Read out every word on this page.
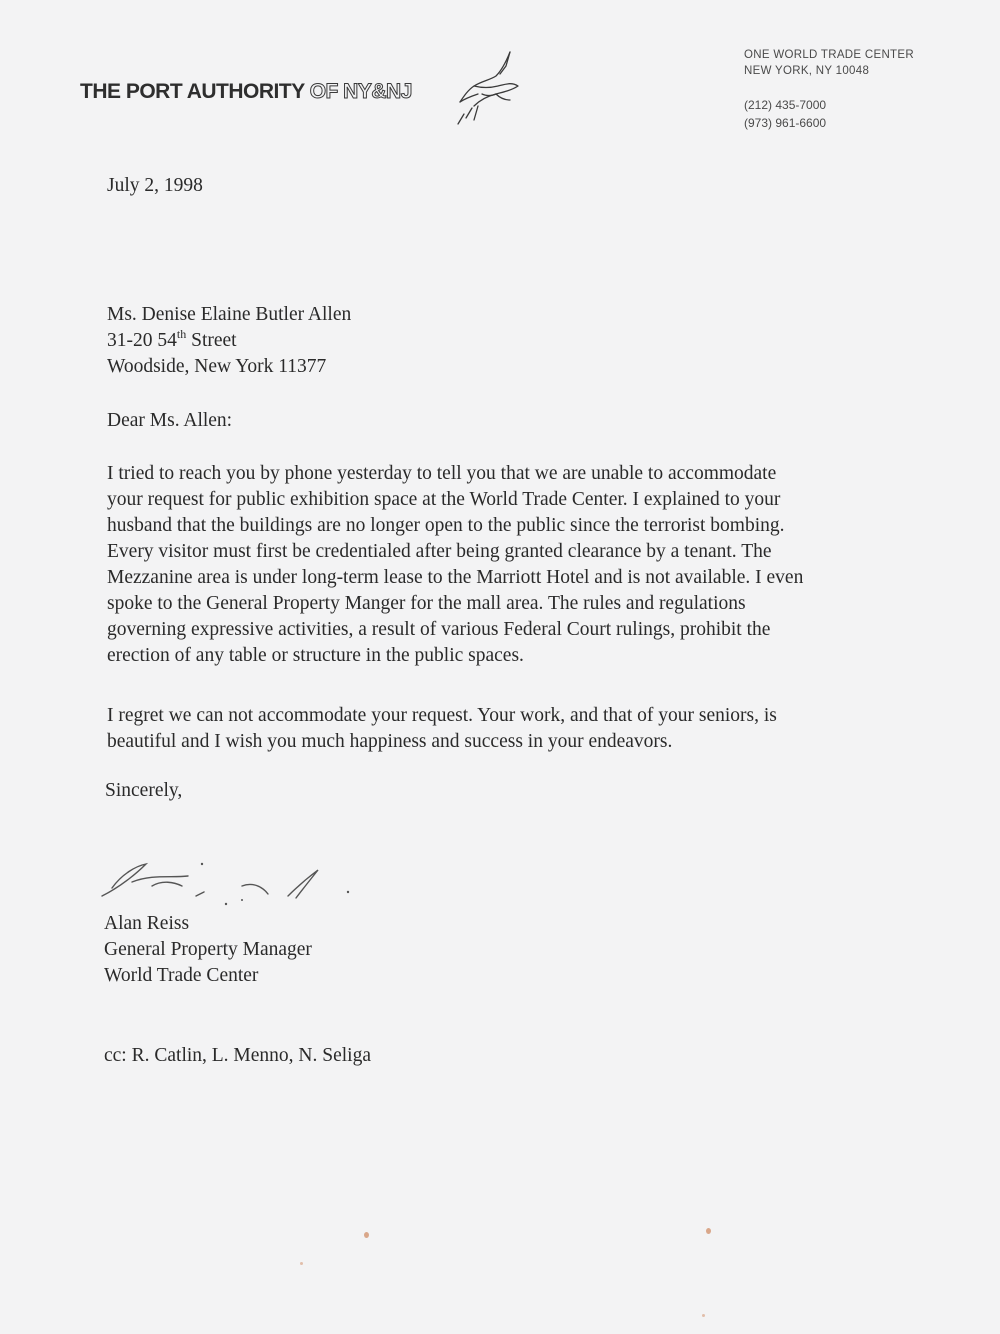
THE PORT AUTHORITY OF NY&NJ
ONE WORLD TRADE CENTER
NEW YORK, NY 10048
(212) 435-7000
(973) 961-6600
July 2, 1998
Ms. Denise Elaine Butler Allen
31-20 54th Street
Woodside, New York 11377
Dear Ms. Allen:
I tried to reach you by phone yesterday to tell you that we are unable to accommodate
your request for public exhibition space at the World Trade Center. I explained to your
husband that the buildings are no longer open to the public since the terrorist bombing.
Every visitor must first be credentialed after being granted clearance by a tenant. The
Mezzanine area is under long-term lease to the Marriott Hotel and is not available. I even
spoke to the General Property Manger for the mall area. The rules and regulations
governing expressive activities, a result of various Federal Court rulings, prohibit the
erection of any table or structure in the public spaces.
I regret we can not accommodate your request. Your work, and that of your seniors, is
beautiful and I wish you much happiness and success in your endeavors.
Sincerely,
Alan Reiss
General Property Manager
World Trade Center
cc: R. Catlin, L. Menno, N. Seliga
